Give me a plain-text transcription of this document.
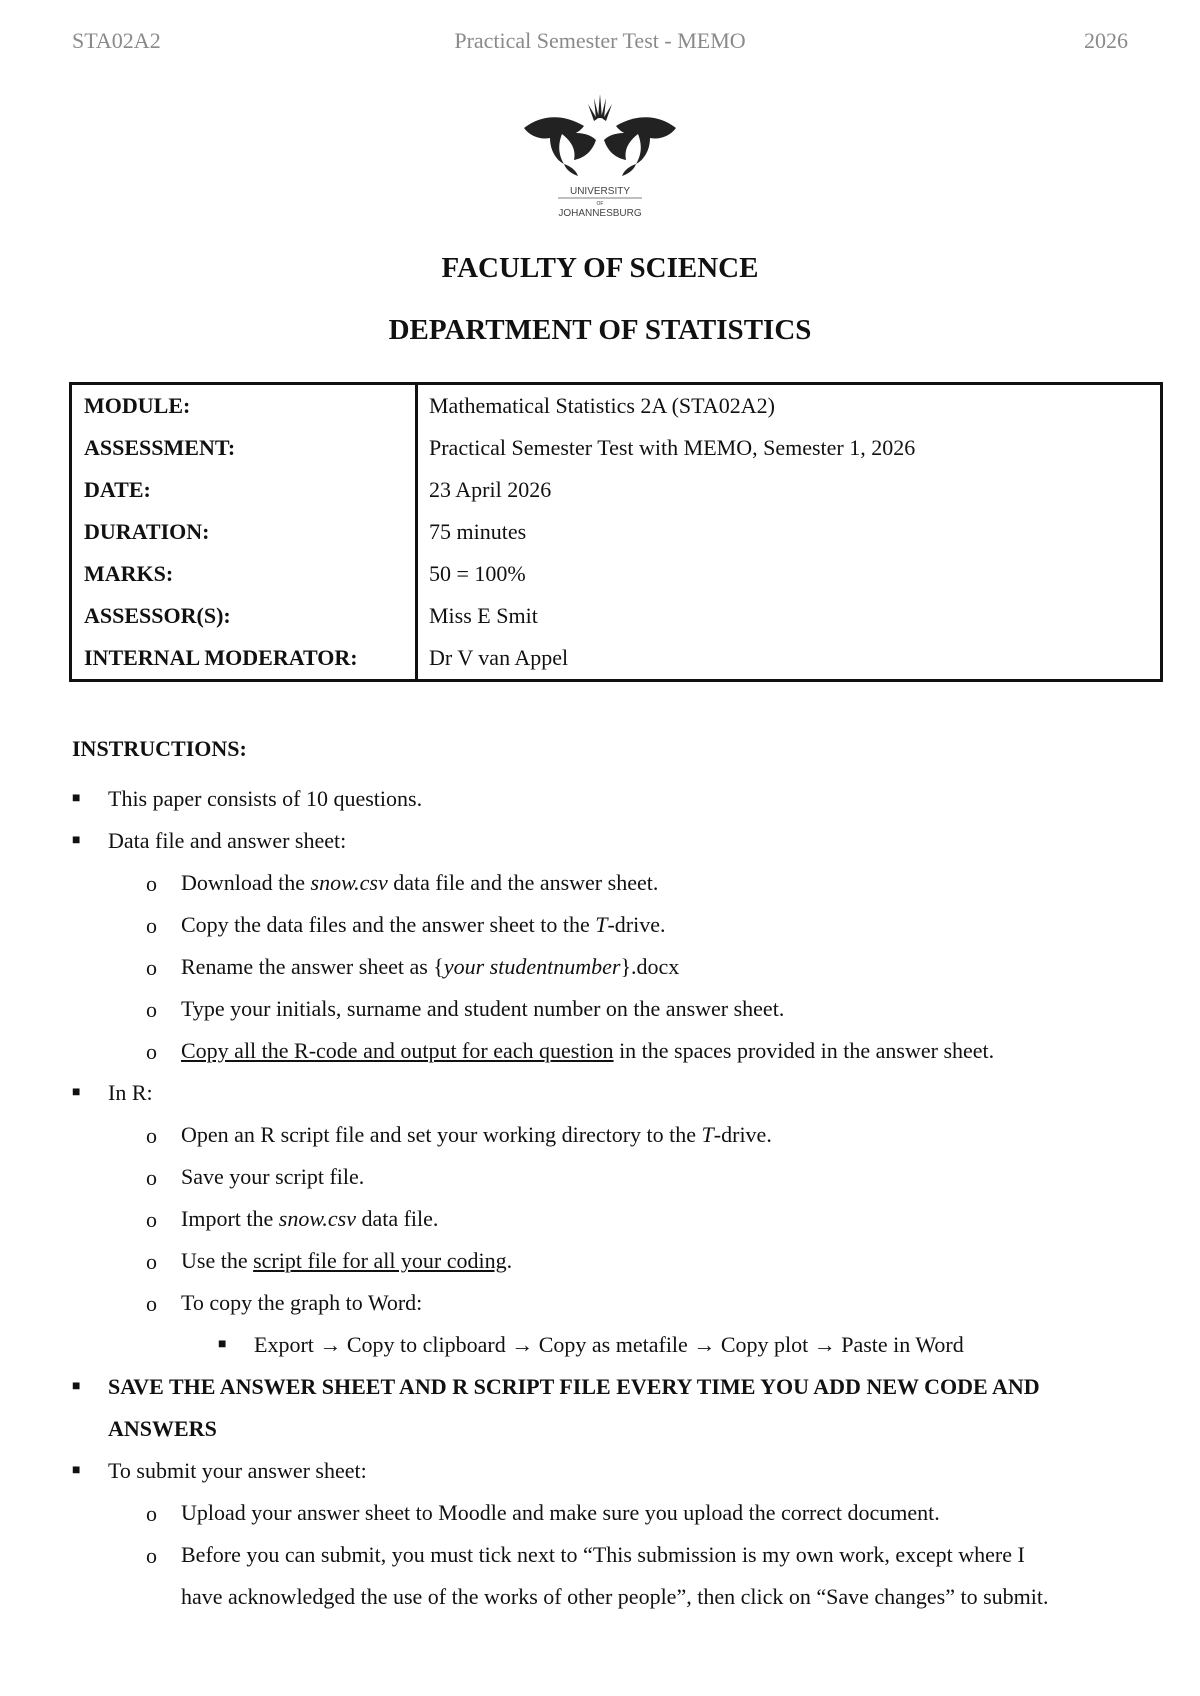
STA02A2	Practical Semester Test - MEMO	2026
UNIVERSITY
OF
JOHANNESBURG
FACULTY OF SCIENCE
DEPARTMENT OF STATISTICS
MODULE:
ASSESSMENT:
DATE:
DURATION:
MARKS:
ASSESSOR(S):
INTERNAL MODERATOR:
Mathematical Statistics 2A (STA02A2)
Practical Semester Test with MEMO, Semester 1, 2026
23 April 2026
75 minutes
50 = 100%
Miss E Smit
Dr V van Appel
INSTRUCTIONS:
■ This paper consists of 10 questions.
■ Data file and answer sheet:
o Download the snow.csv data file and the answer sheet.
o Copy the data files and the answer sheet to the T-drive.
o Rename the answer sheet as {your studentnumber}.docx
o Type your initials, surname and student number on the answer sheet.
o Copy all the R-code and output for each question in the spaces provided in the answer sheet.
■ In R:
o Open an R script file and set your working directory to the T-drive.
o Save your script file.
o Import the snow.csv data file.
o Use the script file for all your coding.
o To copy the graph to Word:
■ Export → Copy to clipboard → Copy as metafile → Copy plot → Paste in Word
■ SAVE THE ANSWER SHEET AND R SCRIPT FILE EVERY TIME YOU ADD NEW CODE AND
ANSWERS
■ To submit your answer sheet:
o Upload your answer sheet to Moodle and make sure you upload the correct document.
o Before you can submit, you must tick next to “This submission is my own work, except where I
have acknowledged the use of the works of other people”, then click on “Save changes” to submit.
